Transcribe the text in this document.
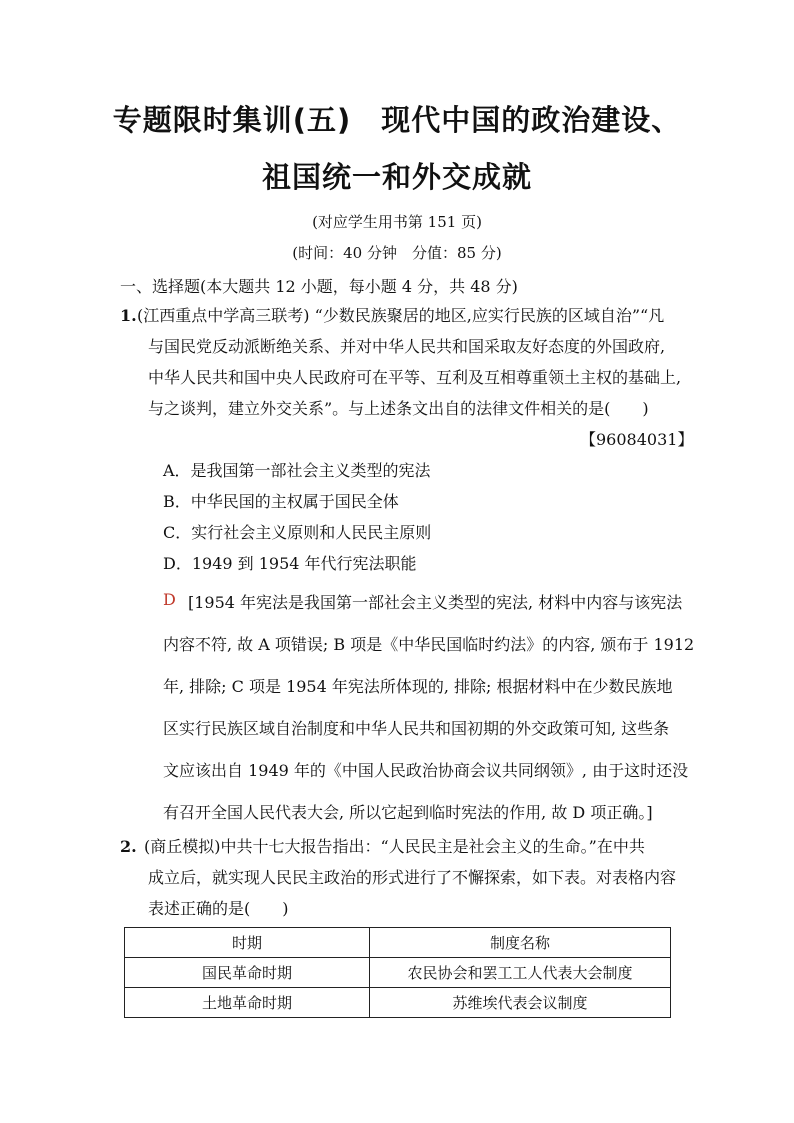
专题限时集训(五)　现代中国的政治建设、
祖国统一和外交成就
(对应学生用书第 151 页)
(时间：40 分钟　分值：85 分)
一、选择题(本大题共 12 小题，每小题 4 分，共 48 分)
1. (江西重点中学高三联考) “少数民族聚居的地区,应实行民族的区域自治”“凡
与国民党反动派断绝关系、并对中华人民共和国采取友好态度的外国政府,
中华人民共和国中央人民政府可在平等、互利及互相尊重领土主权的基础上,
与之谈判，建立外交关系”。与上述条文出自的法律文件相关的是(　　)
【96084031】
A．是我国第一部社会主义类型的宪法
B．中华民国的主权属于国民全体
C．实行社会主义原则和人民民主原则
D．1949 到 1954 年代行宪法职能
D [1954 年宪法是我国第一部社会主义类型的宪法, 材料中内容与该宪法
内容不符, 故 A 项错误; B 项是《中华民国临时约法》的内容, 颁布于 1912
年, 排除; C 项是 1954 年宪法所体现的, 排除; 根据材料中在少数民族地
区实行民族区域自治制度和中华人民共和国初期的外交政策可知, 这些条
文应该出自 1949 年的《中国人民政治协商会议共同纲领》, 由于这时还没
有召开全国人民代表大会, 所以它起到临时宪法的作用, 故 D 项正确。]
2. (商丘模拟)中共十七大报告指出：“人民民主是社会主义的生命。”在中共
成立后，就实现人民民主政治的形式进行了不懈探索，如下表。对表格内容
表述正确的是(　　)
时期	制度名称
国民革命时期	农民协会和罢工工人代表大会制度
土地革命时期	苏维埃代表会议制度
